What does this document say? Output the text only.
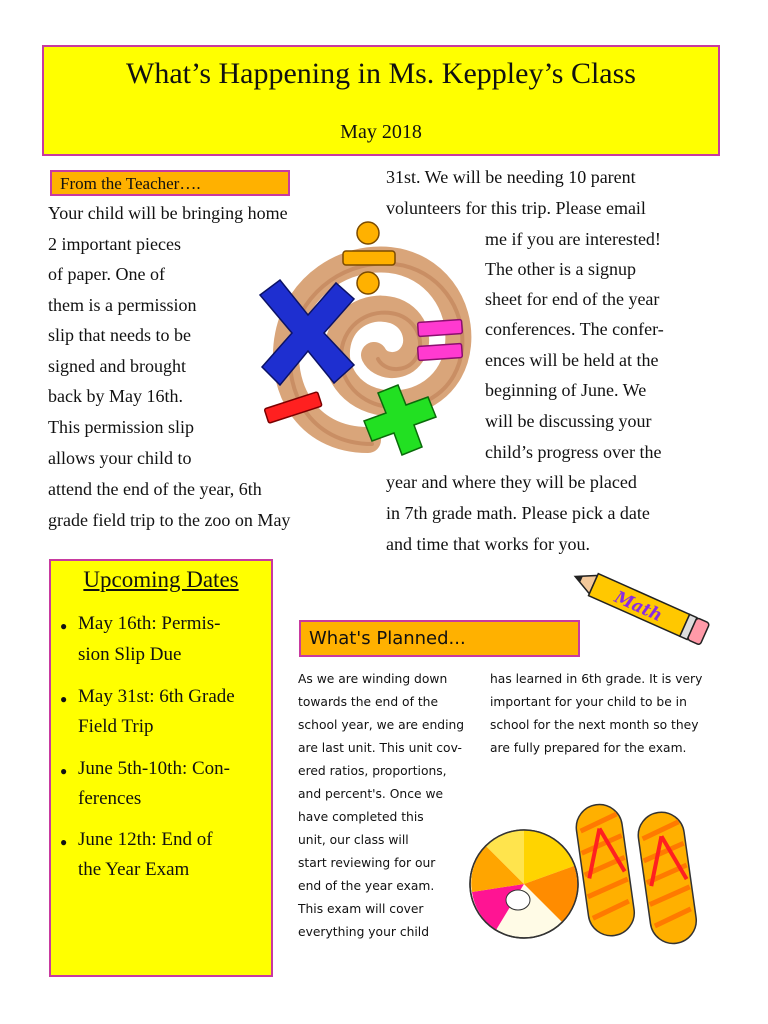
What’s Happening in Ms. Keppley’s Class
May 2018
From the Teacher….
Your child will be bringing home
2 important pieces
of paper. One of
them is a permission
slip that needs to be
signed and brought
back by May 16th.
This permission slip
allows your child to
attend the end of the year, 6th
grade field trip to the zoo on May
31st. We will be needing 10 parent
volunteers for this trip. Please email
me if you are interested!
The other is a signup
sheet for end of the year
conferences. The confer-
ences will be held at the
beginning of June. We
will be discussing your
child’s progress over the
year and where they will be placed
in 7th grade math. Please pick a date
and time that works for you.
Upcoming Dates
● May 16th: Permis-
sion Slip Due
● May 31st: 6th Grade
Field Trip
● June 5th-10th: Con-
ferences
● June 12th: End of
the Year Exam
Math
What's Planned...
As we are winding down
towards the end of the
school year, we are ending
are last unit. This unit cov-
ered ratios, proportions,
and percent's. Once we
have completed this
unit, our class will
start reviewing for our
end of the year exam.
This exam will cover
everything your child
has learned in 6th grade. It is very
important for your child to be in
school for the next month so they
are fully prepared for the exam.
